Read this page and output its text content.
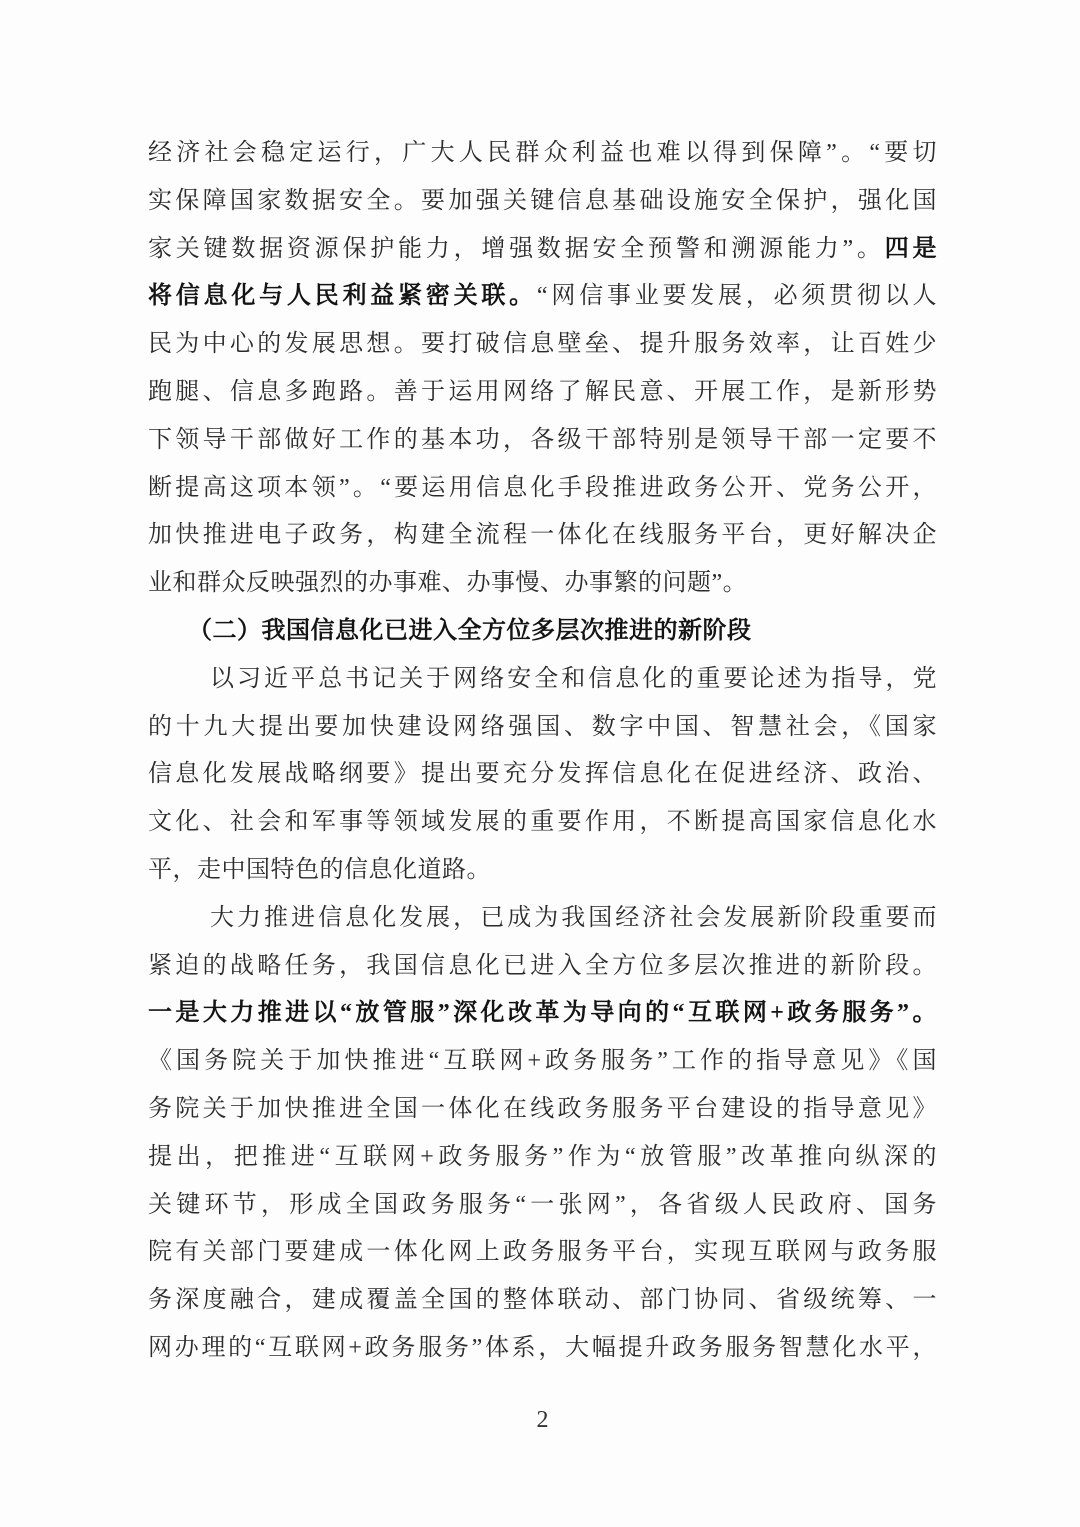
经济社会稳定运行，广大人民群众利益也难以得到保障”。“要切
实保障国家数据安全。要加强关键信息基础设施安全保护，强化国
家关键数据资源保护能力，增强数据安全预警和溯源能力”。四是
将信息化与人民利益紧密关联。“网信事业要发展，必须贯彻以人
民为中心的发展思想。要打破信息壁垒、提升服务效率，让百姓少
跑腿、信息多跑路。善于运用网络了解民意、开展工作，是新形势
下领导干部做好工作的基本功，各级干部特别是领导干部一定要不
断提高这项本领”。“要运用信息化手段推进政务公开、党务公开，
加快推进电子政务，构建全流程一体化在线服务平台，更好解决企
业和群众反映强烈的办事难、办事慢、办事繁的问题”。
（二）我国信息化已进入全方位多层次推进的新阶段
以习近平总书记关于网络安全和信息化的重要论述为指导，党
的十九大提出要加快建设网络强国、数字中国、智慧社会，《国家
信息化发展战略纲要》提出要充分发挥信息化在促进经济、政治、
文化、社会和军事等领域发展的重要作用，不断提高国家信息化水
平，走中国特色的信息化道路。
大力推进信息化发展，已成为我国经济社会发展新阶段重要而
紧迫的战略任务，我国信息化已进入全方位多层次推进的新阶段。
一是大力推进以“放管服”深化改革为导向的“互联网+政务服务”。
《国务院关于加快推进“互联网+政务服务”工作的指导意见》《国
务院关于加快推进全国一体化在线政务服务平台建设的指导意见》
提出，把推进“互联网+政务服务”作为“放管服”改革推向纵深的
关键环节，形成全国政务服务“一张网”，各省级人民政府、国务
院有关部门要建成一体化网上政务服务平台，实现互联网与政务服
务深度融合，建成覆盖全国的整体联动、部门协同、省级统筹、一
网办理的“互联网+政务服务”体系，大幅提升政务服务智慧化水平，
2
